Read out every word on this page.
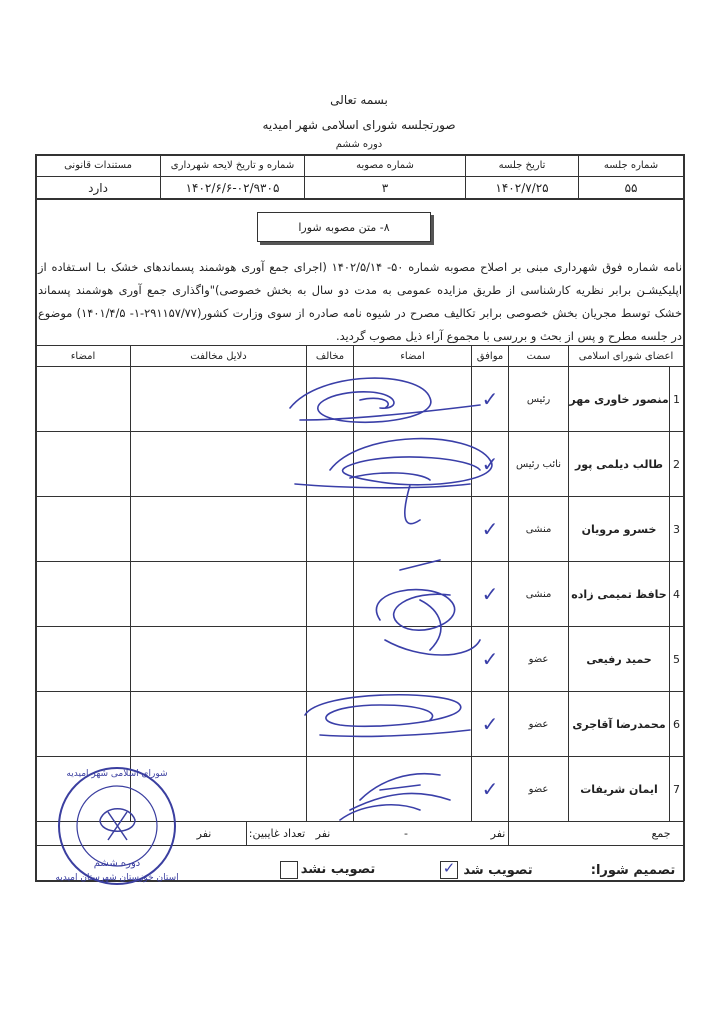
بسمه تعالی
صورتجلسه شورای اسلامی شهر امیدیه
دوره ششم
شماره جلسه
تاریخ جلسه
شماره مصوبه
شماره و تاریخ لایحه شهرداری
مستندات قانونی
۵۵
۱۴۰۲/۷/۲۵
۳
۱۴۰۲/۶/۶-۰۲/۹۳۰۵
دارد
۸- متن مصوبه شورا
نامه شماره فوق شهرداری مبنی بر اصلاح مصوبه شماره ۵۰- ۱۴۰۲/۵/۱۴ (اجرای جمع آوری هوشمند پسماندهای خشک بـا اسـتفاده از اپلیکیشـن برابر نظریه کارشناسی از طریق مزایده عمومی به مدت دو سال به بخش خصوصی)"واگذاری جمع آوری هوشمند پسماند خشک توسط مجریان بخش خصوصی برابر تکالیف مصرح در شیوه نامه صادره از سوی وزارت کشور(۲۹۱۱۵۷/۷۷-۱- ۱۴۰۱/۴/۵) موضوع در جلسه مطرح و پس از بحث و بررسی با مجموع آراء ذیل مصوب گردید.
اعضای شورای اسلامی
سمت
موافق
امضاء
مخالف
دلایل مخالفت
امضاء
1
منصور خاوری مهر
رئیس
✓
2
طالب دیلمی پور
نائب رئیس
✓
3
خسرو مرویان
منشی
✓
4
حافظ تمیمی زاده
منشی
✓
5
حمید رفیعی
عضو
✓
6
محمدرضا آقاجری
عضو
✓
7
ایمان شریفات
عضو
✓
جمع
نفر
-
نفر
تعداد غایبین:
نفر
تصمیم شورا:
تصویب شد
✓
تصویب نشد
شورای اسلامی شهر امیدیه
استان خوزستان شهرستان امیدیه
دوره ششم
